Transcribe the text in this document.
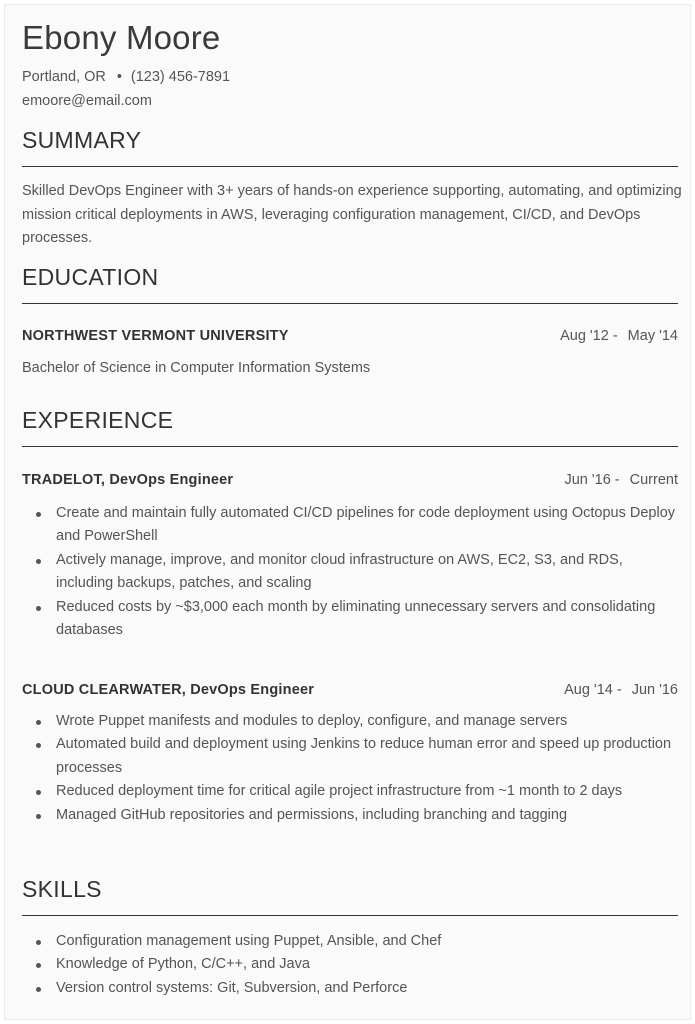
Ebony Moore
Portland, OR • (123) 456-7891
emoore@email.com
SUMMARY
Skilled DevOps Engineer with 3+ years of hands-on experience supporting, automating, and optimizing mission critical deployments in AWS, leveraging configuration management, CI/CD, and DevOps processes.
EDUCATION
NORTHWEST VERMONT UNIVERSITY	Aug '12 - May '14
Bachelor of Science in Computer Information Systems
EXPERIENCE
TRADELOT, DevOps Engineer	Jun '16 - Current
Create and maintain fully automated CI/CD pipelines for code deployment using Octopus Deploy and PowerShell
Actively manage, improve, and monitor cloud infrastructure on AWS, EC2, S3, and RDS, including backups, patches, and scaling
Reduced costs by ~$3,000 each month by eliminating unnecessary servers and consolidating databases
CLOUD CLEARWATER, DevOps Engineer	Aug '14 - Jun '16
Wrote Puppet manifests and modules to deploy, configure, and manage servers
Automated build and deployment using Jenkins to reduce human error and speed up production processes
Reduced deployment time for critical agile project infrastructure from ~1 month to 2 days
Managed GitHub repositories and permissions, including branching and tagging
SKILLS
Configuration management using Puppet, Ansible, and Chef
Knowledge of Python, C/C++, and Java
Version control systems: Git, Subversion, and Perforce
